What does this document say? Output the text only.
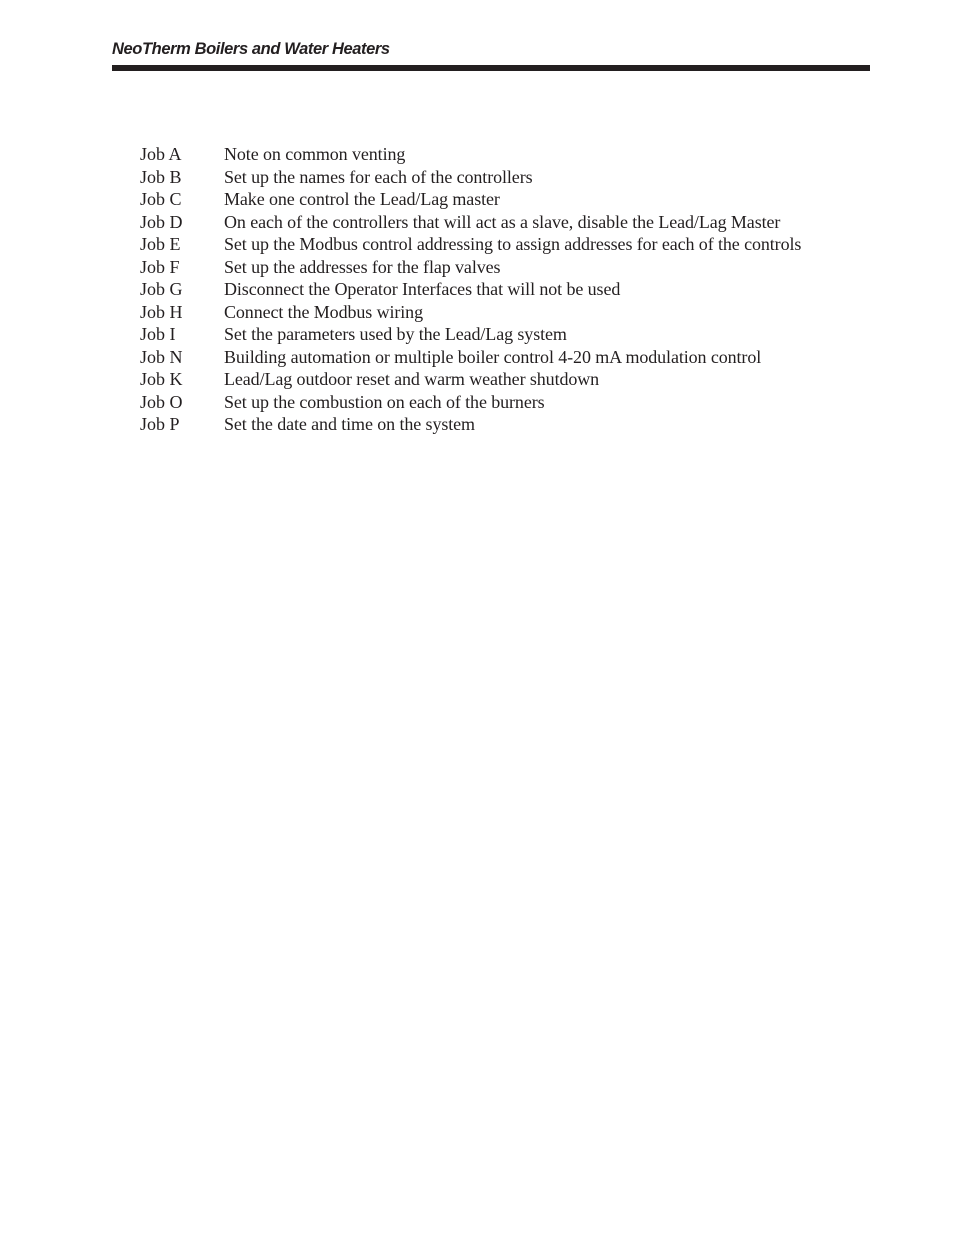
NeoTherm Boilers and Water Heaters
Job A	Note on common venting
Job B	Set up the names for each of the controllers
Job C	Make one control the Lead/Lag master
Job D	On each of the controllers that will act as a slave, disable the Lead/Lag Master
Job E	Set up the Modbus control addressing to assign addresses for each of the controls
Job F	Set up the addresses for the flap valves
Job G	Disconnect the Operator Interfaces that will not be used
Job H	Connect the Modbus wiring
Job I	Set the parameters used by the Lead/Lag system
Job N	Building automation or multiple boiler control 4-20 mA modulation control
Job K	Lead/Lag outdoor reset and warm weather shutdown
Job O	Set up the combustion on each of the burners
Job P	Set the date and time on the system
